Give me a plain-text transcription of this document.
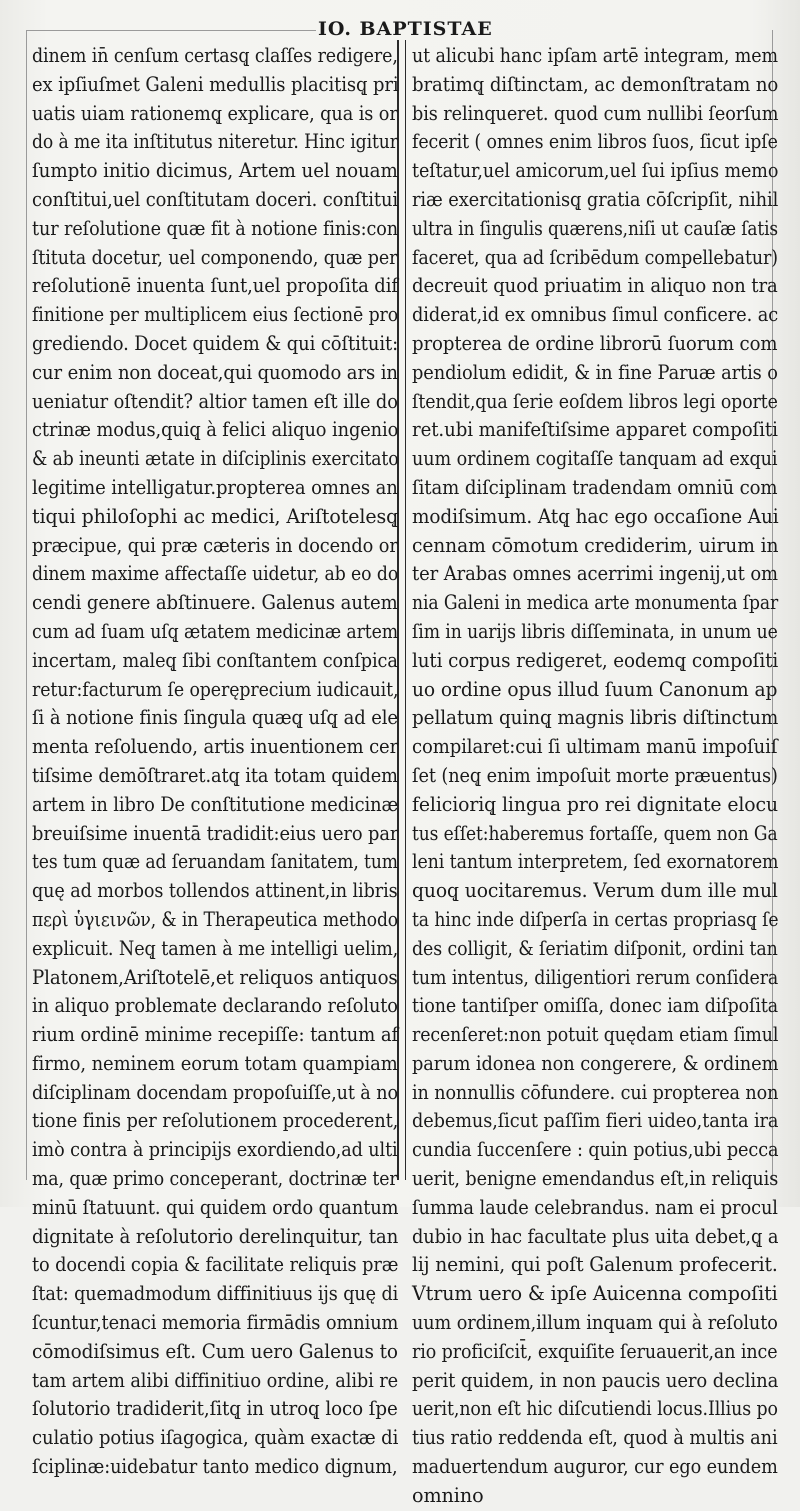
IO. BAPTISTAE
dinem in̄ cenſum certasq̨ claſſes redigere,
ex ipſiuſmet Galeni medullis placitisq̨ pri
uatis uiam rationemq̨ explicare, qua is or
do à me ita inſtitutus niteretur. Hinc igitur
ſumpto initio dicimus, Artem uel nouam
conſtitui,uel conſtitutam doceri. conſtitui
tur reſolutione quæ fit à notione finis:con
ſtituta docetur, uel componendo, quæ per
reſolutionē inuenta ſunt,uel propoſita dif
finitione per multiplicem eius ſectionē pro
grediendo. Docet quidem & qui cōſtituit:
cur enim non doceat,qui quomodo ars in
ueniatur oſtendit? altior tamen eſt ille do
ctrinæ modus,quiq̨ à felici aliquo ingenio
& ab ineunti ætate in diſciplinis exercitato
legitime intelligatur.propterea omnes an
tiqui philoſophi ac medici, Ariſtotelesq̨
præcipue, qui præ cæteris in docendo or
dinem maxime affectaſſe uidetur, ab eo do
cendi genere abſtinuere. Galenus autem
cum ad ſuam uſq̨ ætatem medicinæ artem
incertam, maleq̨ ſibi conſtantem conſpica
retur:facturum ſe operęprecium iudicauit,
ſi à notione finis ſingula quæq̨ uſq̨ ad ele
menta reſoluendo, artis inuentionem cer
tiſsime demōſtraret.atq̨ ita totam quidem
artem in libro De conſtitutione medicinæ
breuiſsime inuentā tradidit:eius uero par
tes tum quæ ad ſeruandam ſanitatem, tum
quę ad morbos tollendos attinent,in libris
περὶ ὑγιεινῶν, & in Therapeutica methodo
explicuit. Neq̨ tamen à me intelligi uelim,
Platonem,Ariſtotelē,et reliquos antiquos
in aliquo problemate declarando reſoluto
rium ordinē minime recepiſſe: tantum af
firmo, neminem eorum totam quampiam
diſciplinam docendam propoſuiſſe,ut à no
tione finis per reſolutionem procederent,
imò contra à principijs exordiendo,ad ulti
ma, quæ primo conceperant, doctrinæ ter
minū ſtatuunt. qui quidem ordo quantum
dignitate à reſolutorio derelinquitur, tan
to docendi copia & facilitate reliquis præ
ſtat: quemadmodum diffinitiuus ijs quę di
ſcuntur,tenaci memoria firmādis omnium
cōmodiſsimus eſt. Cum uero Galenus to
tam artem alibi diffinitiuo ordine, alibi re
ſolutorio tradiderit,ſitq̨ in utroq̨ loco ſpe
culatio potius iſagogica, quàm exactæ di
ſciplinæ:uidebatur tanto medico dignum,
ut alicubi hanc ipſam artē integram, mem
bratimq̨ diſtinctam, ac demonſtratam no
bis relinqueret. quod cum nullibi ſeorſum
fecerit ( omnes enim libros ſuos, ſicut ipſe
teſtatur,uel amicorum,uel ſui ipſius memo
riæ exercitationisq̨ gratia cōſcripſit, nihil
ultra in ſingulis quærens,niſi ut cauſæ ſatis
faceret, qua ad ſcribēdum compellebatur)
decreuit quod priuatim in aliquo non tra
diderat,id ex omnibus ſimul conficere. ac
propterea de ordine librorū ſuorum com
pendiolum edidit, & in fine Paruæ artis o
ſtendit,qua ſerie eoſdem libros legi oporte
ret.ubi manifeſtiſsime apparet compoſiti
uum ordinem cogitaſſe tanquam ad exqui
ſitam diſciplinam tradendam omniū com
modiſsimum. Atq̨ hac ego occaſione Aui
cennam cōmotum crediderim, uirum in
ter Arabas omnes acerrimi ingenij,ut om
nia Galeni in medica arte monumenta ſpar
ſim in uarijs libris diſſeminata, in unum ue
luti corpus redigeret, eodemq̨ compoſiti
uo ordine opus illud ſuum Canonum ap
pellatum quinq̨ magnis libris diſtinctum
compilaret:cui ſi ultimam manū impoſuiſ
ſet (neq̨ enim impoſuit morte præuentus)
felicioriq̨ lingua pro rei dignitate elocu
tus eſſet:haberemus fortaſſe, quem non Ga
leni tantum interpretem, ſed exornatorem
quoq̨ uocitaremus. Verum dum ille mul
ta hinc inde diſperſa in certas propriasq̨ ſe
des colligit, & ſeriatim diſponit, ordini tan
tum intentus, diligentiori rerum conſidera
tione tantiſper omiſſa, donec iam diſpoſita
recenſeret:non potuit quędam etiam ſimul
parum idonea non congerere, & ordinem
in nonnullis cōfundere. cui propterea non
debemus,ſicut paſſim fieri uideo,tanta ira
cundia ſuccenſere : quin potius,ubi pecca
uerit, benigne emendandus eſt,in reliquis
ſumma laude celebrandus. nam ei procul
dubio in hac facultate plus uita debet,q̨ a
lij nemini, qui poſt Galenum profecerit.
Vtrum uero & ipſe Auicenna compoſiti
uum ordinem,illum inquam qui à reſoluto
rio proficiſcit̄, exquiſite ſeruauerit,an ince
perit quidem, in non paucis uero declina
uerit,non eſt hic diſcutiendi locus.Illius po
tius ratio reddenda eſt, quod à multis ani
maduertendum auguror, cur ego eundem
omnino
